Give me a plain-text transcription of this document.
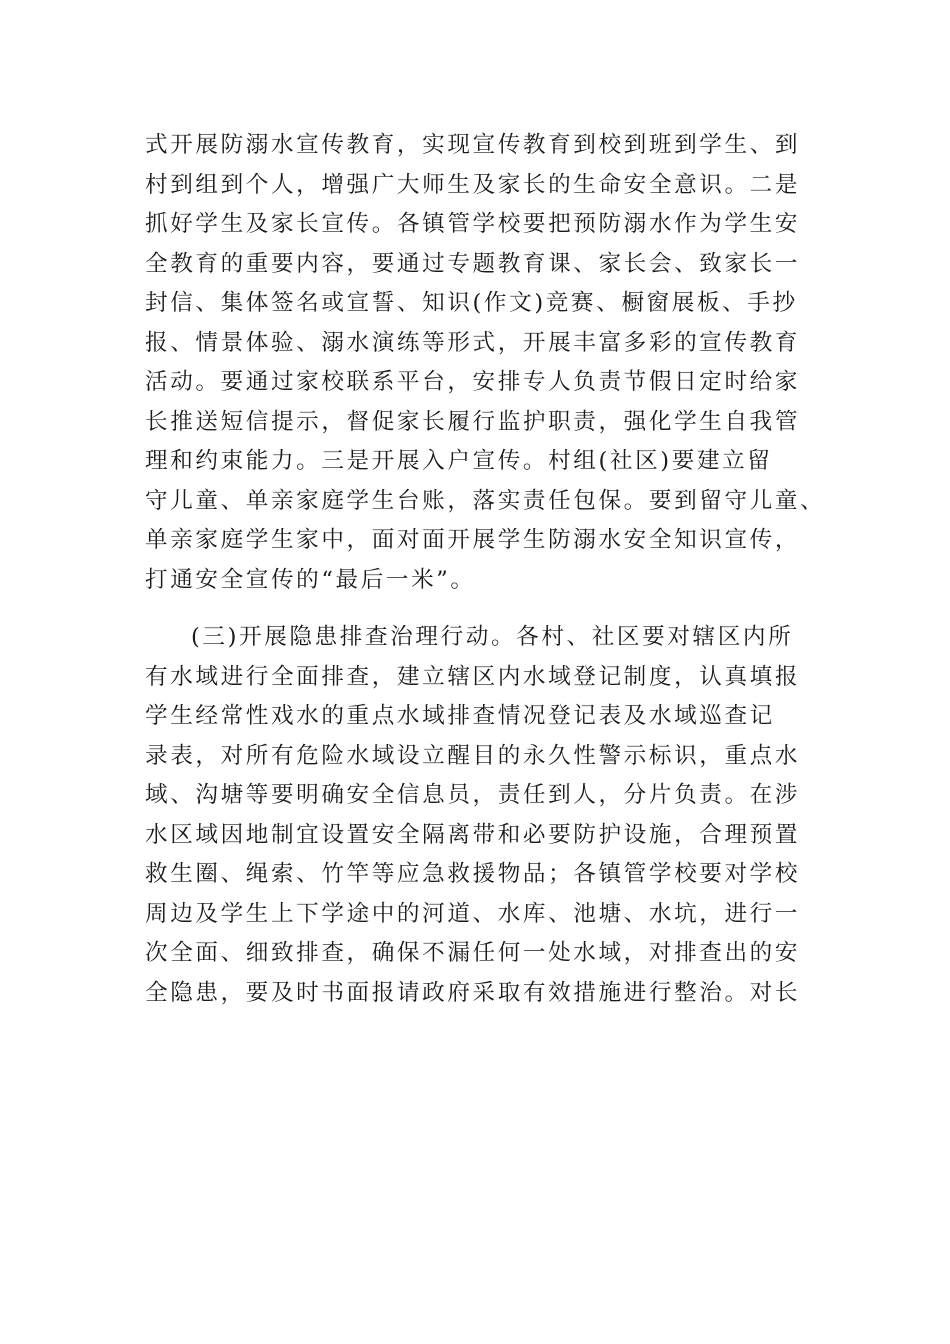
式开展防溺水宣传教育，实现宣传教育到校到班到学生、到
村到组到个人，增强广大师生及家长的生命安全意识。二是
抓好学生及家长宣传。各镇管学校要把预防溺水作为学生安
全教育的重要内容，要通过专题教育课、家长会、致家长一
封信、集体签名或宣誓、知识(作文)竞赛、橱窗展板、手抄
报、情景体验、溺水演练等形式，开展丰富多彩的宣传教育
活动。要通过家校联系平台，安排专人负责节假日定时给家
长推送短信提示，督促家长履行监护职责，强化学生自我管
理和约束能力。三是开展入户宣传。村组(社区)要建立留
守儿童、单亲家庭学生台账，落实责任包保。要到留守儿童、
单亲家庭学生家中，面对面开展学生防溺水安全知识宣传，
打通安全宣传的“最后一米”。
(三)开展隐患排查治理行动。各村、社区要对辖区内所
有水域进行全面排查，建立辖区内水域登记制度，认真填报
学生经常性戏水的重点水域排查情况登记表及水域巡查记
录表，对所有危险水域设立醒目的永久性警示标识，重点水
域、沟塘等要明确安全信息员，责任到人，分片负责。在涉
水区域因地制宜设置安全隔离带和必要防护设施，合理预置
救生圈、绳索、竹竿等应急救援物品；各镇管学校要对学校
周边及学生上下学途中的河道、水库、池塘、水坑，进行一
次全面、细致排查，确保不漏任何一处水域，对排查出的安
全隐患，要及时书面报请政府采取有效措施进行整治。对长
